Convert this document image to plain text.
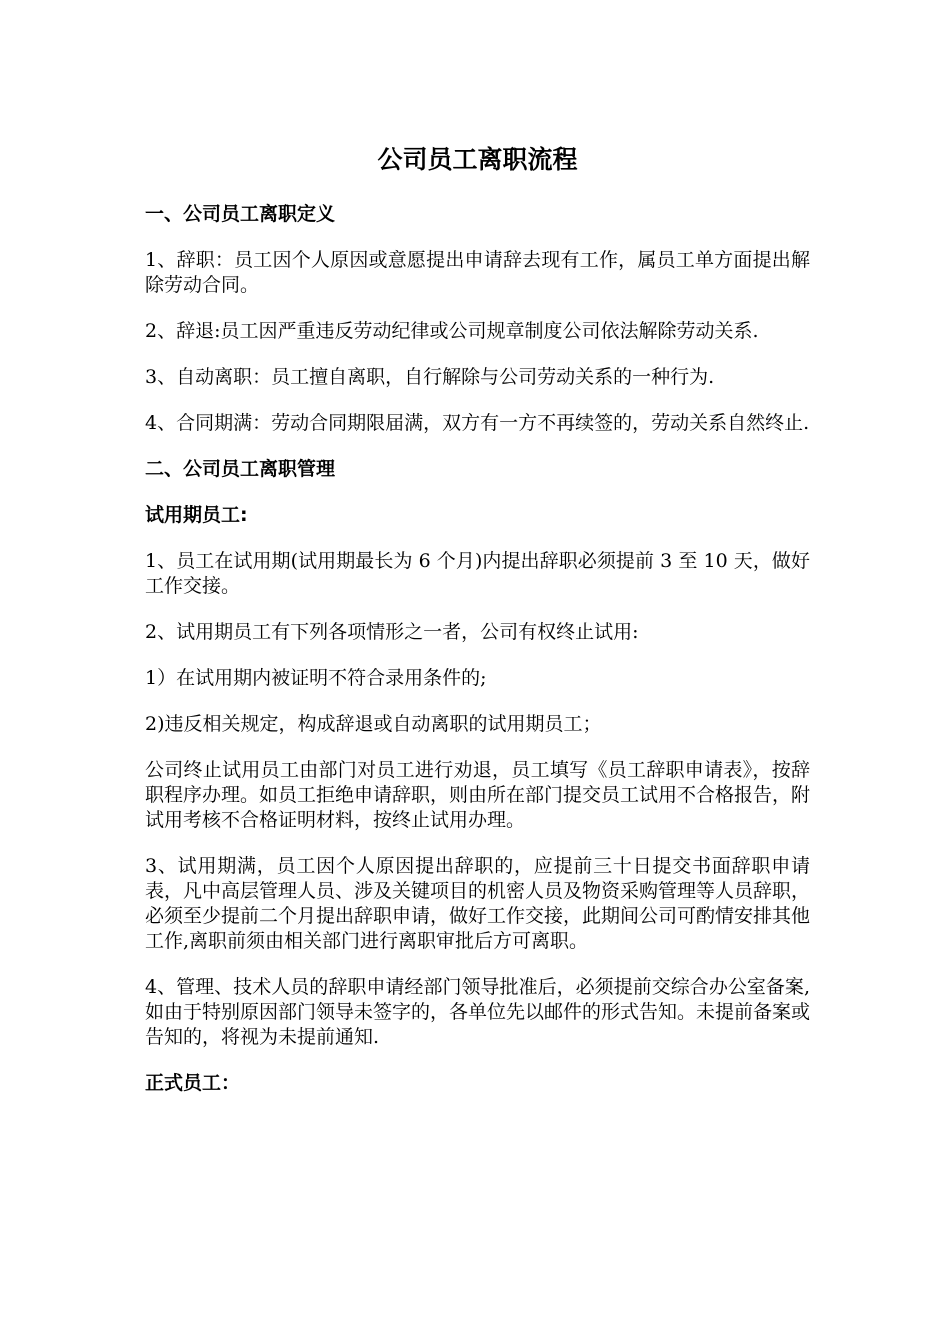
公司员工离职流程
一、公司员工离职定义
1、辞职：员工因个人原因或意愿提出申请辞去现有工作，属员工单方面提出解除劳动合同。
2、辞退:员工因严重违反劳动纪律或公司规章制度公司依法解除劳动关系.
3、自动离职：员工擅自离职，自行解除与公司劳动关系的一种行为.
4、合同期满：劳动合同期限届满，双方有一方不再续签的，劳动关系自然终止.
二、公司员工离职管理
试用期员工:
1、员工在试用期(试用期最长为 6 个月)内提出辞职必须提前 3 至 10 天，做好工作交接。
2、试用期员工有下列各项情形之一者，公司有权终止试用:
1）在试用期内被证明不符合录用条件的;
2)违反相关规定，构成辞退或自动离职的试用期员工；
公司终止试用员工由部门对员工进行劝退，员工填写《员工辞职申请表》，按辞职程序办理。如员工拒绝申请辞职，则由所在部门提交员工试用不合格报告，附试用考核不合格证明材料，按终止试用办理。
3、试用期满，员工因个人原因提出辞职的，应提前三十日提交书面辞职申请表，凡中高层管理人员、涉及关键项目的机密人员及物资采购管理等人员辞职，必须至少提前二个月提出辞职申请，做好工作交接，此期间公司可酌情安排其他工作,离职前须由相关部门进行离职审批后方可离职。
4、管理、技术人员的辞职申请经部门领导批准后，必须提前交综合办公室备案,如由于特别原因部门领导未签字的，各单位先以邮件的形式告知。未提前备案或告知的，将视为未提前通知.
正式员工：
